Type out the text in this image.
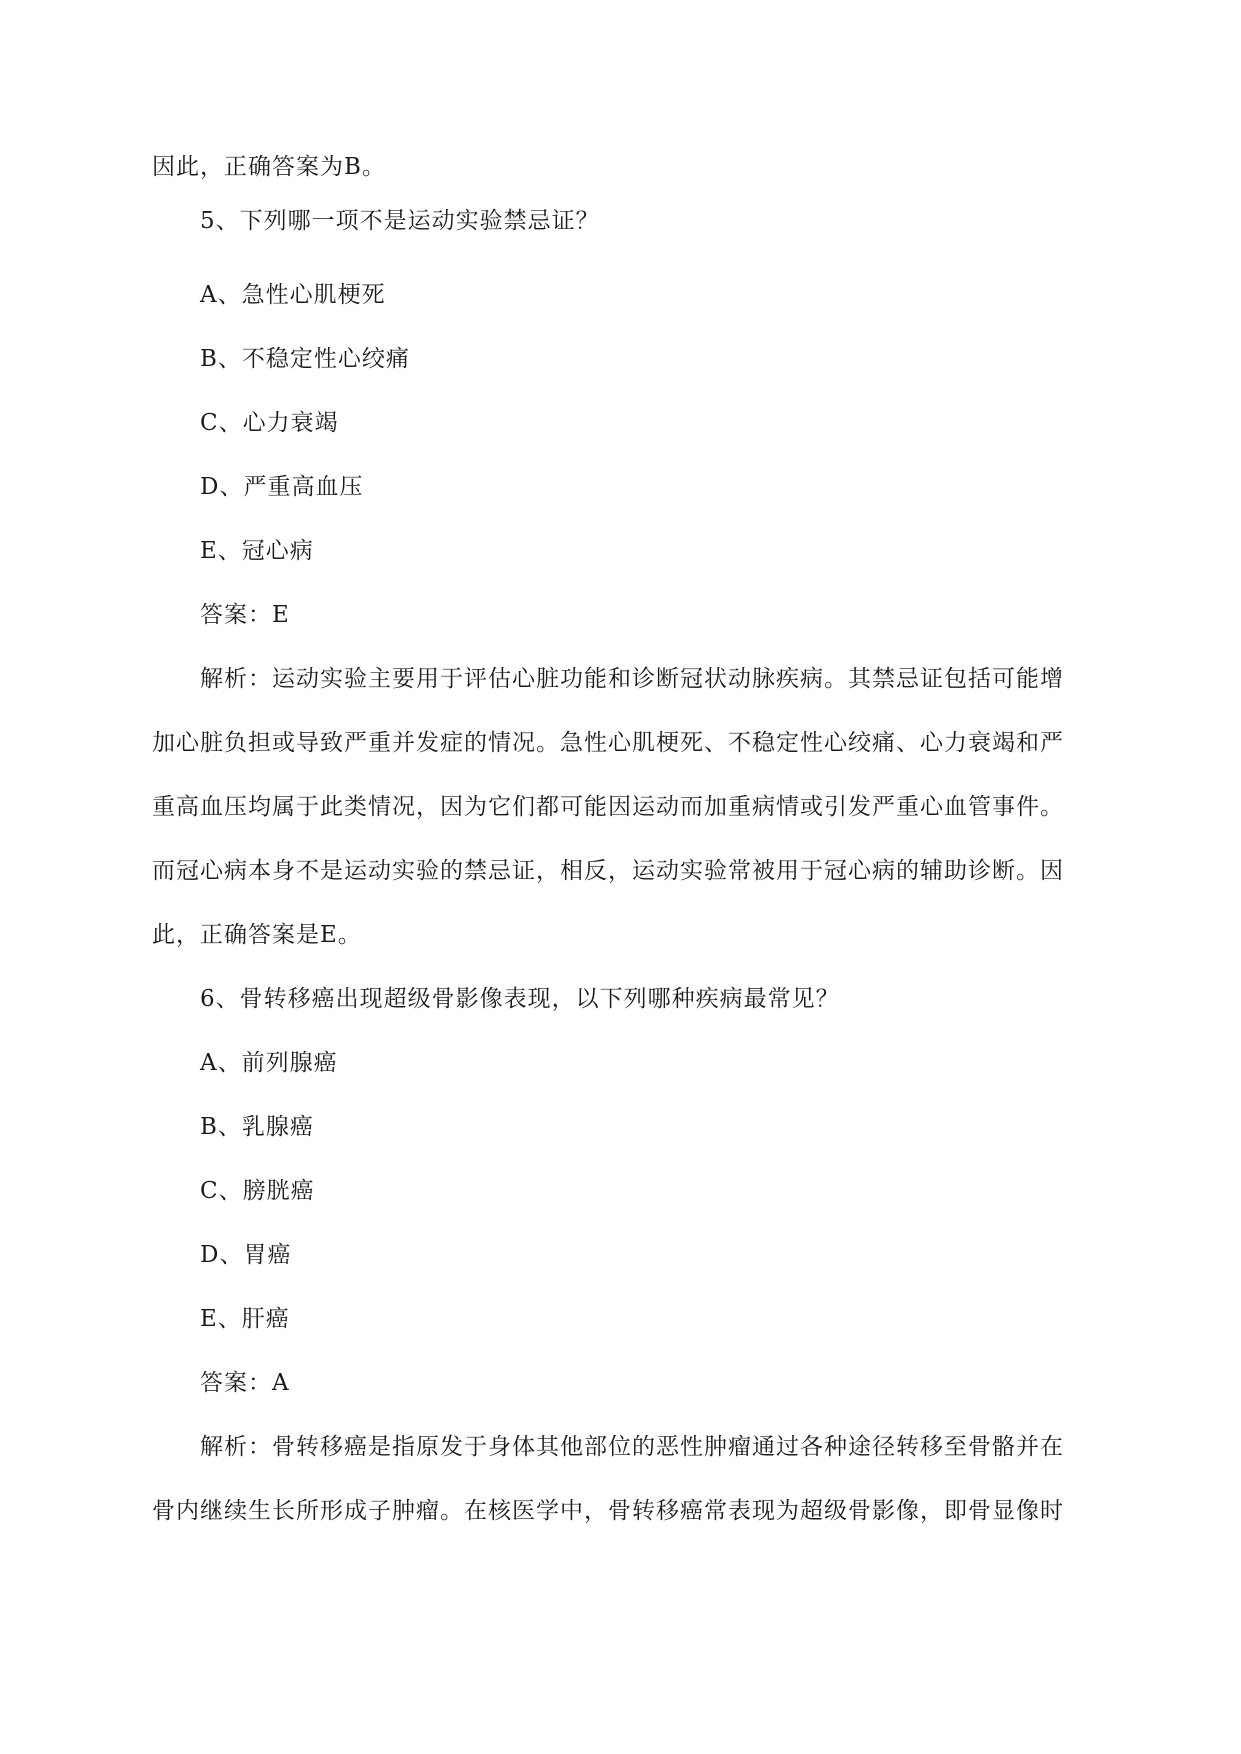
因此，正确答案为B。
5、下列哪一项不是运动实验禁忌证？
A、急性心肌梗死
B、不稳定性心绞痛
C、心力衰竭
D、严重高血压
E、冠心病
答案：E
解析：运动实验主要用于评估心脏功能和诊断冠状动脉疾病。其禁忌证包括可能增
加心脏负担或导致严重并发症的情况。急性心肌梗死、不稳定性心绞痛、心力衰竭和严
重高血压均属于此类情况，因为它们都可能因运动而加重病情或引发严重心血管事件。
而冠心病本身不是运动实验的禁忌证，相反，运动实验常被用于冠心病的辅助诊断。因
此，正确答案是E。
6、骨转移癌出现超级骨影像表现，以下列哪种疾病最常见？
A、前列腺癌
B、乳腺癌
C、膀胱癌
D、胃癌
E、肝癌
答案：A
解析：骨转移癌是指原发于身体其他部位的恶性肿瘤通过各种途径转移至骨骼并在
骨内继续生长所形成子肿瘤。在核医学中，骨转移癌常表现为超级骨影像，即骨显像时
